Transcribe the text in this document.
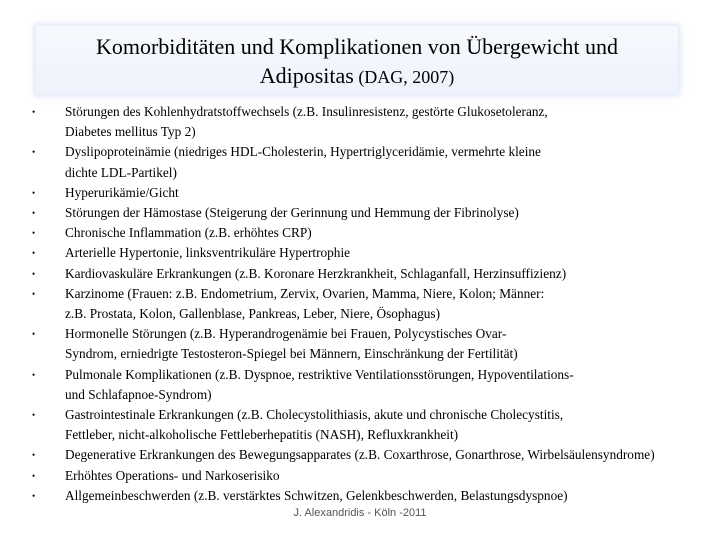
Komorbiditäten und Komplikationen von Übergewicht und
Adipositas (DAG, 2007)
• Störungen des Kohlenhydratstoffwechsels (z.B. Insulinresistenz, gestörte Glukosetoleranz,
Diabetes mellitus Typ 2)
• Dyslipoproteinämie (niedriges HDL-Cholesterin, Hypertriglyceridämie, vermehrte kleine
dichte LDL-Partikel)
• Hyperurikämie/Gicht
• Störungen der Hämostase (Steigerung der Gerinnung und Hemmung der Fibrinolyse)
• Chronische Inflammation (z.B. erhöhtes CRP)
• Arterielle Hypertonie, linksventrikuläre Hypertrophie
• Kardiovaskuläre Erkrankungen (z.B. Koronare Herzkrankheit, Schlaganfall, Herzinsuffizienz)
• Karzinome (Frauen: z.B. Endometrium, Zervix, Ovarien, Mamma, Niere, Kolon; Männer:
z.B. Prostata, Kolon, Gallenblase, Pankreas, Leber, Niere, Ösophagus)
• Hormonelle Störungen (z.B. Hyperandrogenämie bei Frauen, Polycystisches Ovar-
Syndrom, erniedrigte Testosteron-Spiegel bei Männern, Einschränkung der Fertilität)
• Pulmonale Komplikationen (z.B. Dyspnoe, restriktive Ventilationsstörungen, Hypoventilations-
und Schlafapnoe-Syndrom)
• Gastrointestinale Erkrankungen (z.B. Cholecystolithiasis, akute und chronische Cholecystitis,
Fettleber, nicht-alkoholische Fettleberhepatitis (NASH), Refluxkrankheit)
• Degenerative Erkrankungen des Bewegungsapparates (z.B. Coxarthrose, Gonarthrose, Wirbelsäulensyndrome)
• Erhöhtes Operations- und Narkoserisiko
• Allgemeinbeschwerden (z.B. verstärktes Schwitzen, Gelenkbeschwerden, Belastungsdyspnoe)
J. Alexandridis - Köln -2011
